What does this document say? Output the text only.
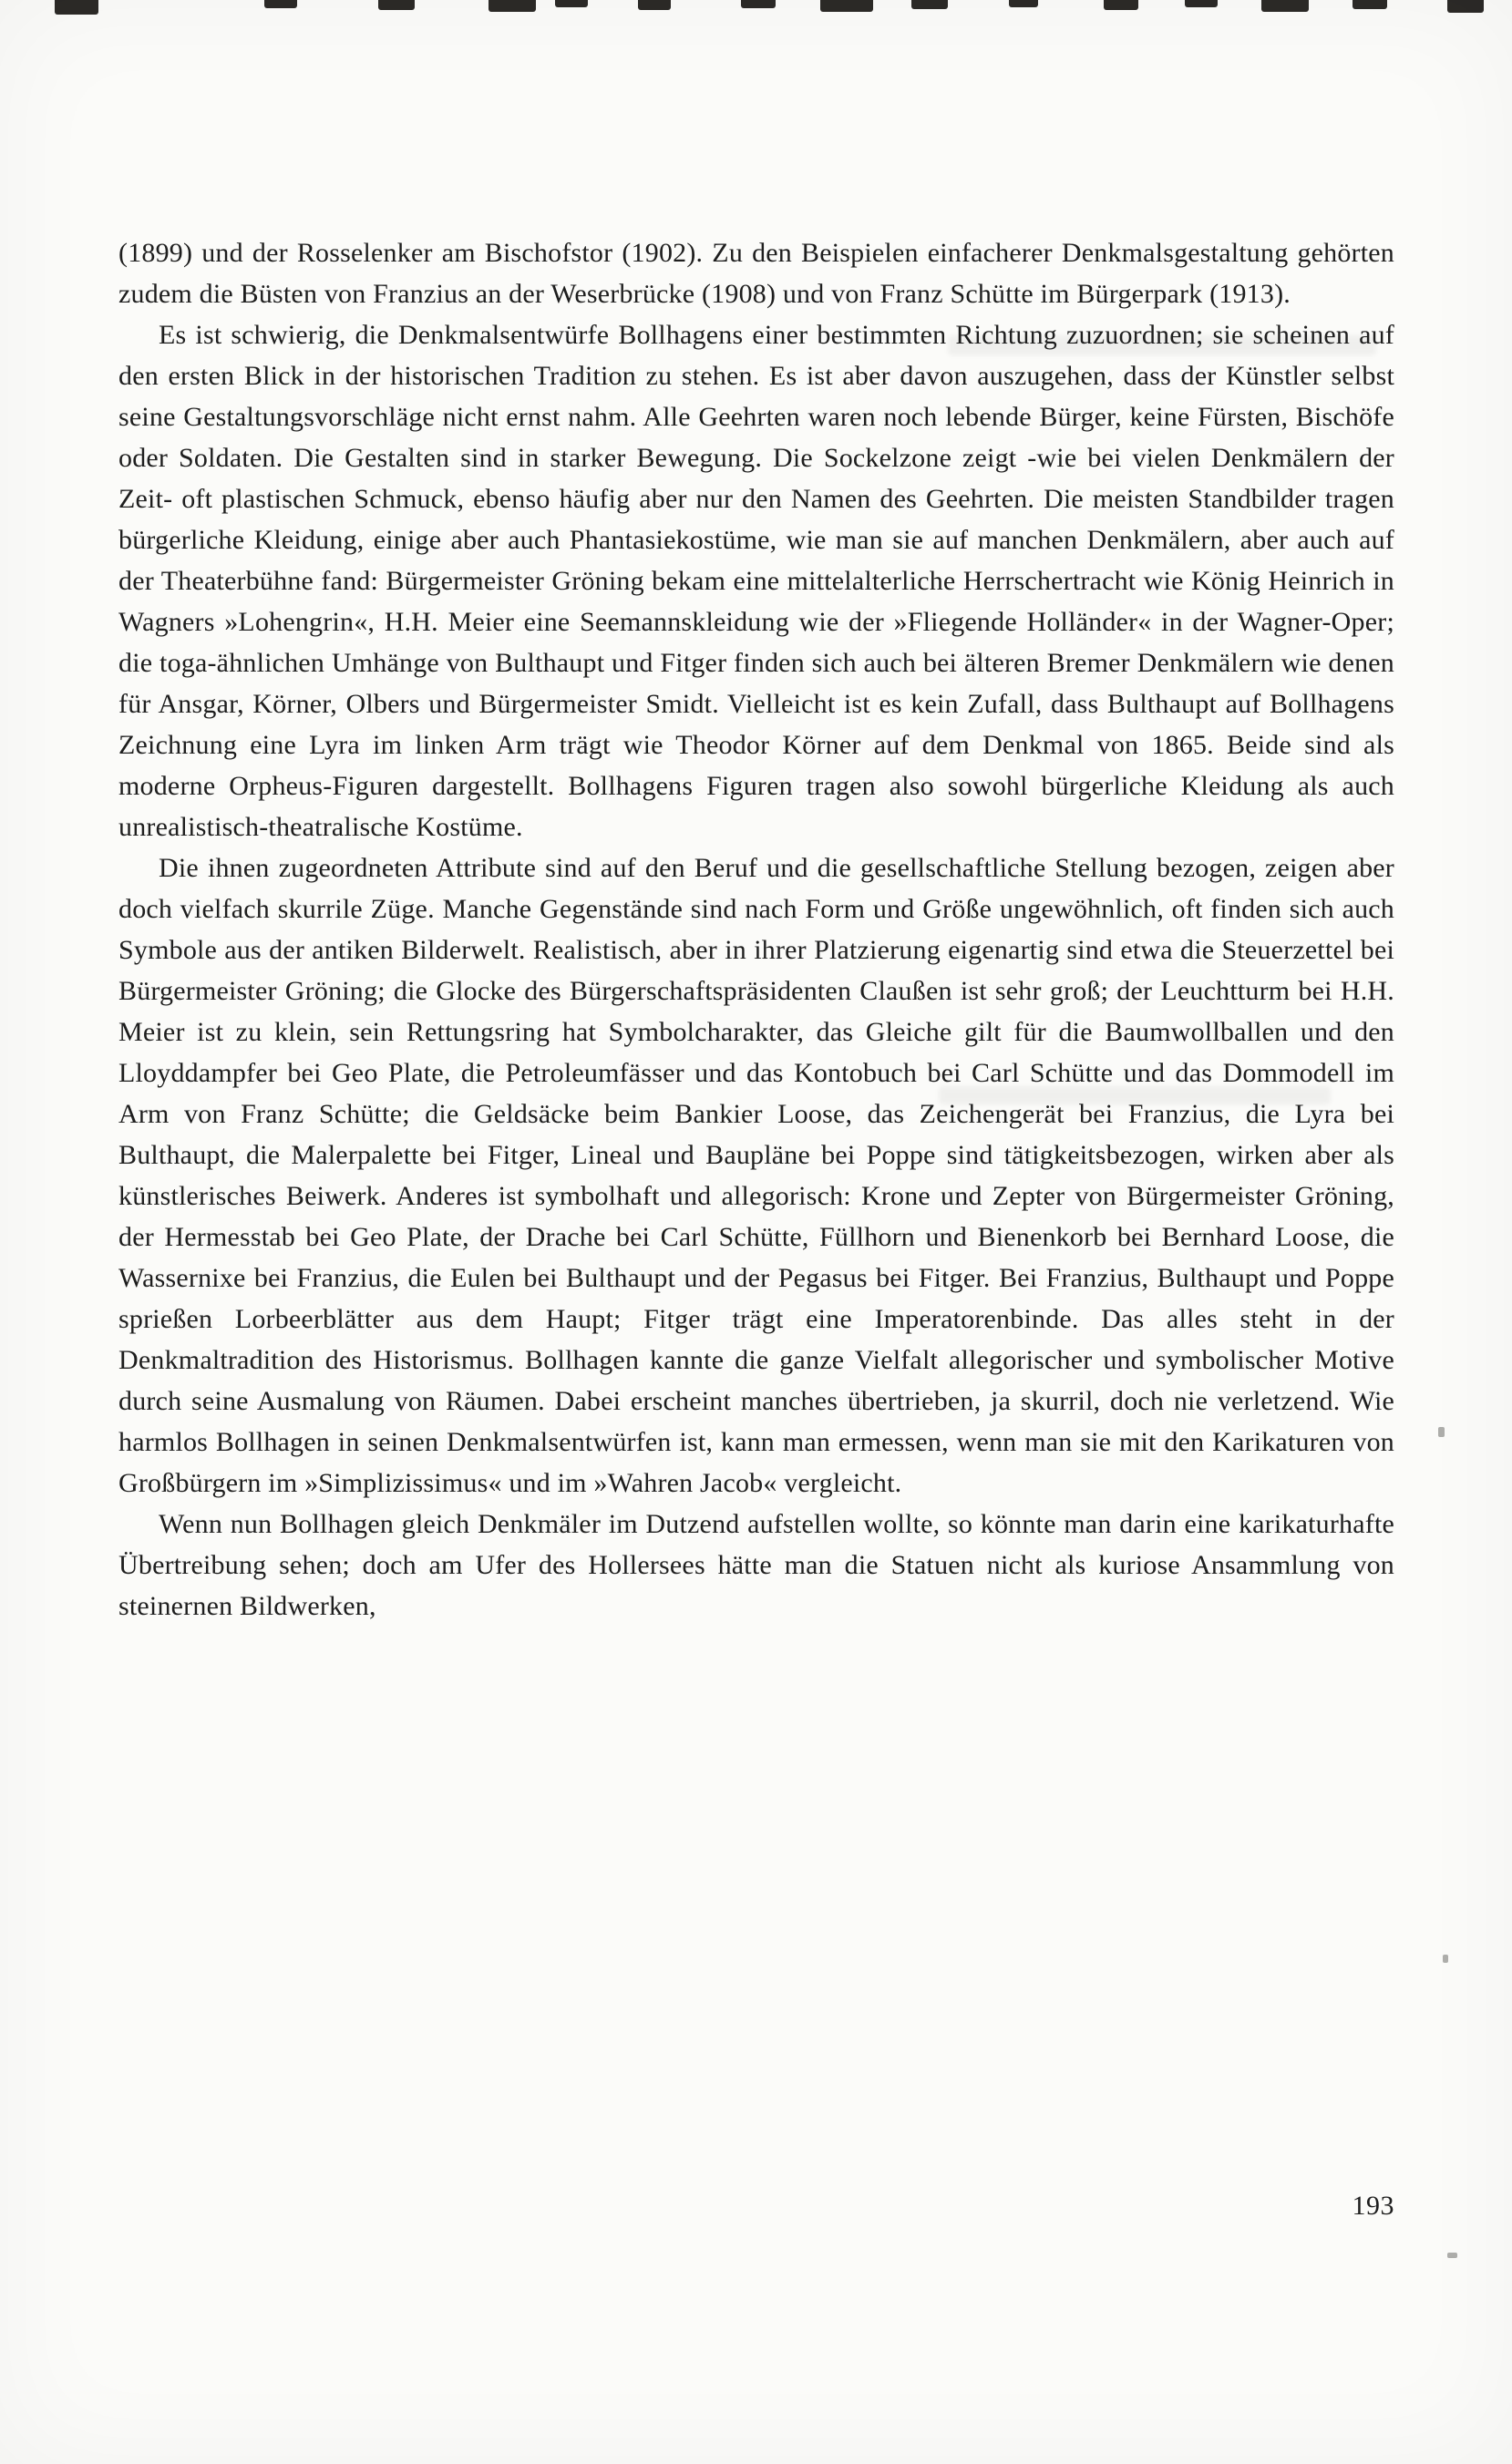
(1899) und der Rosselenker am Bischofstor (1902). Zu den Beispielen einfacherer Denkmalsgestaltung gehörten zudem die Büsten von Franzius an der Weserbrücke (1908) und von Franz Schütte im Bürgerpark (1913).

Es ist schwierig, die Denkmalsentwürfe Bollhagens einer bestimmten Richtung zuzuordnen; sie scheinen auf den ersten Blick in der historischen Tradition zu stehen. Es ist aber davon auszugehen, dass der Künstler selbst seine Gestaltungsvorschläge nicht ernst nahm. Alle Geehrten waren noch lebende Bürger, keine Fürsten, Bischöfe oder Soldaten. Die Gestalten sind in starker Bewegung. Die Sockelzone zeigt -wie bei vielen Denkmälern der Zeit- oft plastischen Schmuck, ebenso häufig aber nur den Namen des Geehrten. Die meisten Standbilder tragen bürgerliche Kleidung, einige aber auch Phantasiekostüme, wie man sie auf manchen Denkmälern, aber auch auf der Theaterbühne fand: Bürgermeister Gröning bekam eine mittelalterliche Herrschertracht wie König Heinrich in Wagners »Lohengrin«, H.H. Meier eine Seemannskleidung wie der »Fliegende Holländer« in der Wagner-Oper; die toga-ähnlichen Umhänge von Bulthaupt und Fitger finden sich auch bei älteren Bremer Denkmälern wie denen für Ansgar, Körner, Olbers und Bürgermeister Smidt. Vielleicht ist es kein Zufall, dass Bulthaupt auf Bollhagens Zeichnung eine Lyra im linken Arm trägt wie Theodor Körner auf dem Denkmal von 1865. Beide sind als moderne Orpheus-Figuren dargestellt. Bollhagens Figuren tragen also sowohl bürgerliche Kleidung als auch unrealistisch-theatralische Kostüme.

Die ihnen zugeordneten Attribute sind auf den Beruf und die gesellschaftliche Stellung bezogen, zeigen aber doch vielfach skurrile Züge. Manche Gegenstände sind nach Form und Größe ungewöhnlich, oft finden sich auch Symbole aus der antiken Bilderwelt. Realistisch, aber in ihrer Platzierung eigenartig sind etwa die Steuerzettel bei Bürgermeister Gröning; die Glocke des Bürgerschaftspräsidenten Claußen ist sehr groß; der Leuchtturm bei H.H. Meier ist zu klein, sein Rettungsring hat Symbolcharakter, das Gleiche gilt für die Baumwollballen und den Lloyddampfer bei Geo Plate, die Petroleumfässer und das Kontobuch bei Carl Schütte und das Dommodell im Arm von Franz Schütte; die Geldsäcke beim Bankier Loose, das Zeichengerät bei Franzius, die Lyra bei Bulthaupt, die Malerpalette bei Fitger, Lineal und Baupläne bei Poppe sind tätigkeitsbezogen, wirken aber als künstlerisches Beiwerk. Anderes ist symbolhaft und allegorisch: Krone und Zepter von Bürgermeister Gröning, der Hermesstab bei Geo Plate, der Drache bei Carl Schütte, Füllhorn und Bienenkorb bei Bernhard Loose, die Wassernixe bei Franzius, die Eulen bei Bulthaupt und der Pegasus bei Fitger. Bei Franzius, Bulthaupt und Poppe sprießen Lorbeerblätter aus dem Haupt; Fitger trägt eine Imperatorenbinde. Das alles steht in der Denkmaltradition des Historismus. Bollhagen kannte die ganze Vielfalt allegorischer und symbolischer Motive durch seine Ausmalung von Räumen. Dabei erscheint manches übertrieben, ja skurril, doch nie verletzend. Wie harmlos Bollhagen in seinen Denkmalsentwürfen ist, kann man ermessen, wenn man sie mit den Karikaturen von Großbürgern im »Simplizissimus« und im »Wahren Jacob« vergleicht.

Wenn nun Bollhagen gleich Denkmäler im Dutzend aufstellen wollte, so könnte man darin eine karikaturhafte Übertreibung sehen; doch am Ufer des Hollersees hätte man die Statuen nicht als kuriose Ansammlung von steinernen Bildwerken,

193
